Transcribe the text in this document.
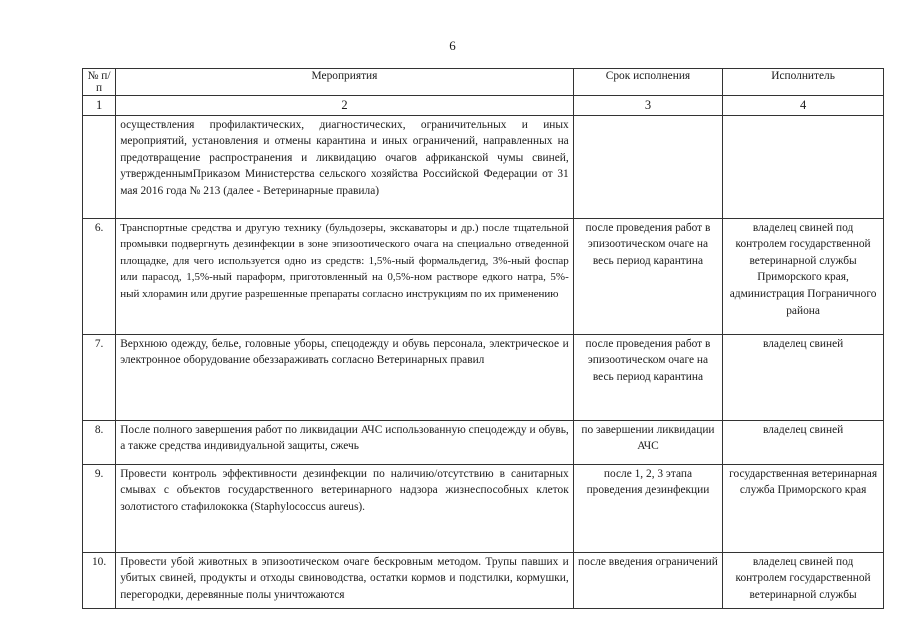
6
№ п/п	Мероприятия	Срок исполнения	Исполнитель
1	2	3	4
	осуществления профилактических, диагностических, ограничительных и иных мероприятий, установления и отмены карантина и иных ограничений, направленных на предотвращение распространения и ликвидацию очагов африканской чумы свиней, утвержденнымПриказом Министерства сельского хозяйства Российской Федерации от 31 мая 2016 года № 213 (далее - Ветеринарные правила)		
6.	Транспортные средства и другую технику (бульдозеры, экскаваторы и др.) после тщательной промывки подвергнуть дезинфекции в зоне эпизоотического очага на специально отведенной площадке, для чего используется одно из средств: 1,5%-ный формальдегид, 3%-ный фоспар или парасод, 1,5%-ный параформ, приготовленный на 0,5%-ном растворе едкого натра, 5%-ный хлорамин или другие разрешенные препараты согласно инструкциям по их применению	после проведения работ в эпизоотическом очаге на весь период карантина	владелец свиней под контролем государственной ветеринарной службы Приморского края, администрация Пограничного района
7.	Верхнюю одежду, белье, головные уборы, спецодежду и обувь персонала, электрическое и электронное оборудование обеззараживать согласно Ветеринарных правил	после проведения работ в эпизоотическом очаге на весь период карантина	владелец свиней
8.	После полного завершения работ по ликвидации АЧС использованную спецодежду и обувь, а также средства индивидуальной защиты, сжечь	по завершении ликвидации АЧС	владелец свиней
9.	Провести контроль эффективности дезинфекции по наличию/отсутствию в санитарных смывах с объектов государственного ветеринарного надзора жизнеспособных клеток золотистого стафилококка (Staphylococcus aureus).	после 1, 2, 3 этапа проведения дезинфекции	государственная ветеринарная служба Приморского края
10.	Провести убой животных в эпизоотическом очаге бескровным методом. Трупы павших и убитых свиней, продукты и отходы свиноводства, остатки кормов и подстилки, кормушки, перегородки, деревянные полы уничтожаются	после введения ограничений	владелец свиней под контролем государственной ветеринарной службы
